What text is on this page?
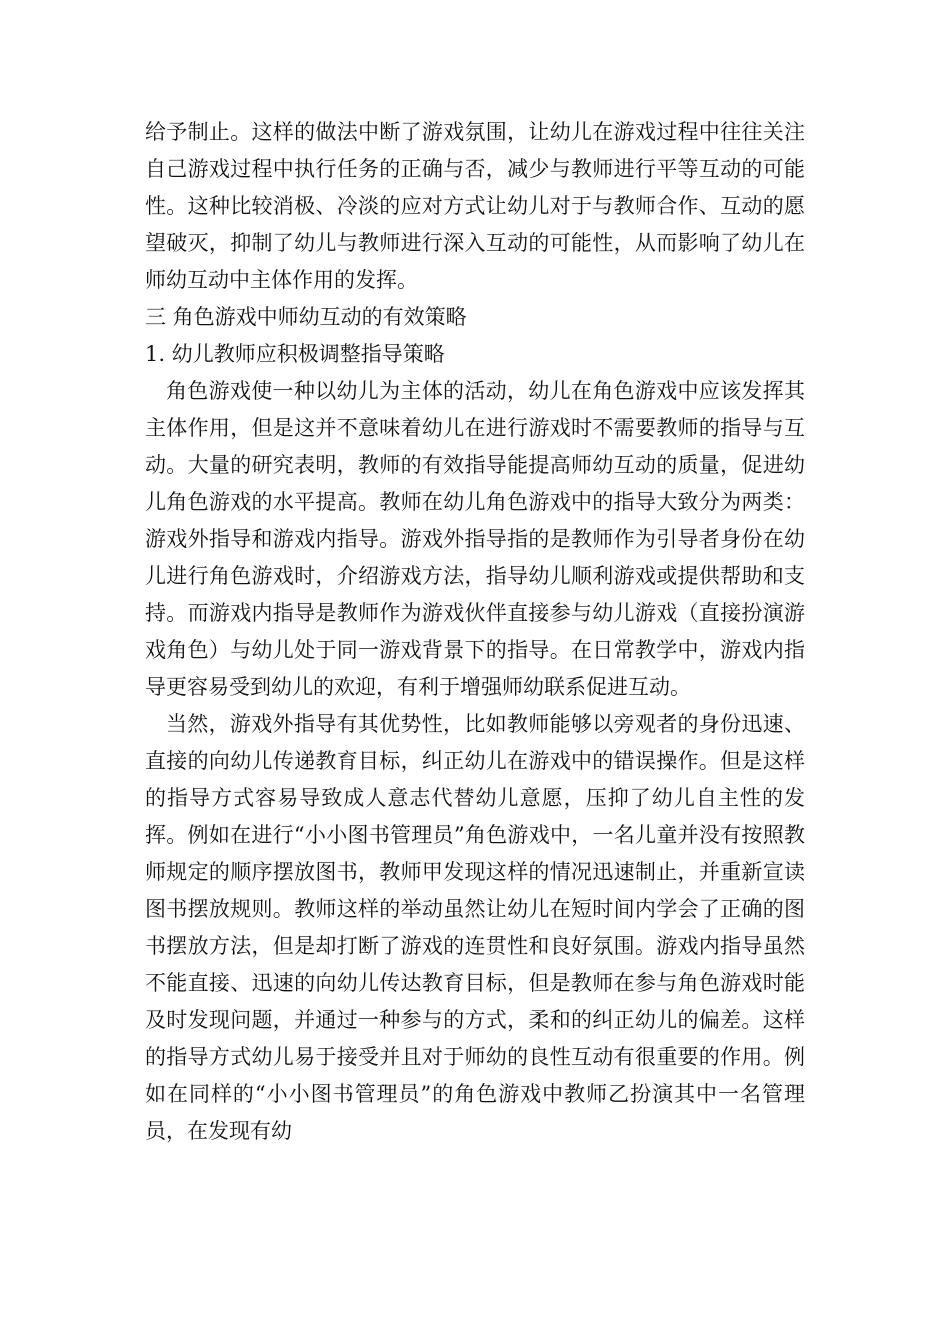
给予制止。这样的做法中断了游戏氛围，让幼儿在游戏过程中往往关注自己游戏过程中执行任务的正确与否，减少与教师进行平等互动的可能性。这种比较消极、冷淡的应对方式让幼儿对于与教师合作、互动的愿望破灭，抑制了幼儿与教师进行深入互动的可能性，从而影响了幼儿在师幼互动中主体作用的发挥。

三 角色游戏中师幼互动的有效策略

1. 幼儿教师应积极调整指导策略

角色游戏使一种以幼儿为主体的活动，幼儿在角色游戏中应该发挥其主体作用，但是这并不意味着幼儿在进行游戏时不需要教师的指导与互动。大量的研究表明，教师的有效指导能提高师幼互动的质量，促进幼儿角色游戏的水平提高。教师在幼儿角色游戏中的指导大致分为两类：游戏外指导和游戏内指导。游戏外指导指的是教师作为引导者身份在幼儿进行角色游戏时，介绍游戏方法，指导幼儿顺利游戏或提供帮助和支持。而游戏内指导是教师作为游戏伙伴直接参与幼儿游戏（直接扮演游戏角色）与幼儿处于同一游戏背景下的指导。在日常教学中，游戏内指导更容易受到幼儿的欢迎，有利于增强师幼联系促进互动。

当然，游戏外指导有其优势性，比如教师能够以旁观者的身份迅速、直接的向幼儿传递教育目标，纠正幼儿在游戏中的错误操作。但是这样的指导方式容易导致成人意志代替幼儿意愿，压抑了幼儿自主性的发挥。例如在进行“小小图书管理员”角色游戏中，一名儿童并没有按照教师规定的顺序摆放图书，教师甲发现这样的情况迅速制止，并重新宣读图书摆放规则。教师这样的举动虽然让幼儿在短时间内学会了正确的图书摆放方法，但是却打断了游戏的连贯性和良好氛围。游戏内指导虽然不能直接、迅速的向幼儿传达教育目标，但是教师在参与角色游戏时能及时发现问题，并通过一种参与的方式，柔和的纠正幼儿的偏差。这样的指导方式幼儿易于接受并且对于师幼的良性互动有很重要的作用。例如在同样的“小小图书管理员”的角色游戏中教师乙扮演其中一名管理员，在发现有幼
